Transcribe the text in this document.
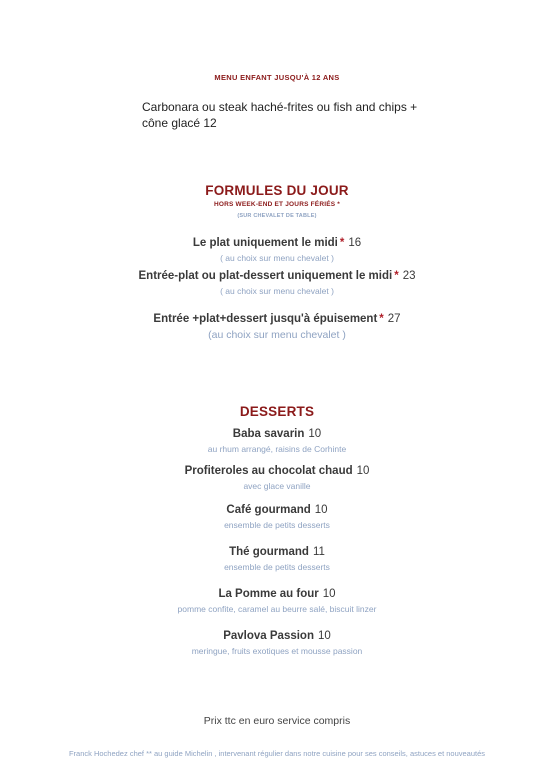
MENU ENFANT JUSQU'À 12 ANS
Carbonara ou steak haché-frites ou fish and chips + cône glacé 12
FORMULES DU JOUR
HORS WEEK-END ET JOURS FÉRIÉS *
(SUR CHEVALET DE TABLE)
Le plat uniquement le midi * 16
( au choix sur menu chevalet )
Entrée-plat ou plat-dessert uniquement le midi * 23
( au choix sur menu chevalet )
Entrée +plat+dessert jusqu'à épuisement * 27
(au choix sur menu chevalet )
DESSERTS
Baba savarin 10
au rhum arrangé, raisins de Corhinte
Profiteroles au chocolat chaud 10
avec glace vanille
Café gourmand 10
ensemble de petits desserts
Thé gourmand 11
ensemble de petits desserts
La Pomme au four 10
pomme confite, caramel au beurre salé, biscuit linzer
Pavlova Passion 10
meringue, fruits exotiques et mousse passion
Prix ttc en euro service compris
Franck Hochedez chef ** au guide Michelin , intervenant régulier dans notre cuisine pour ses conseils, astuces et nouveautés
